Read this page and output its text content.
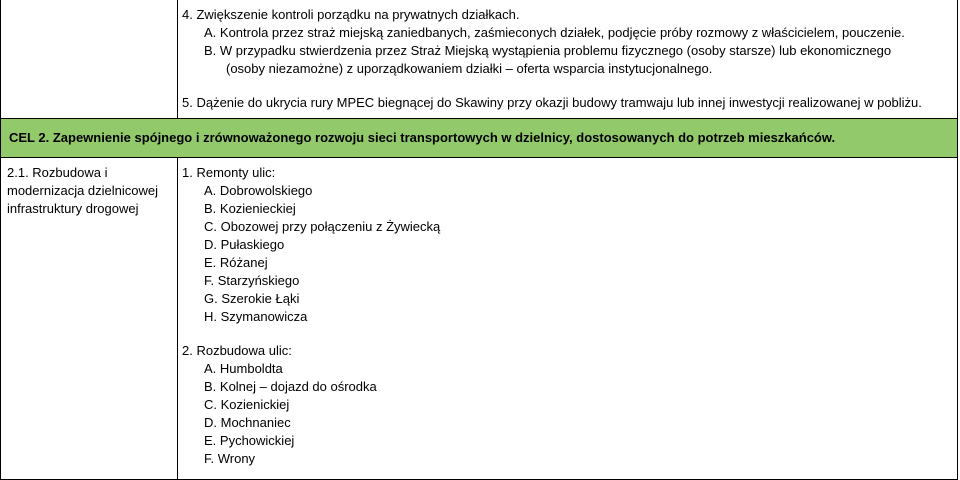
4. Zwiększenie kontroli porządku na prywatnych działkach.
A. Kontrola przez straż miejską zaniedbanych, zaśmieconych działek, podjęcie próby rozmowy z właścicielem, pouczenie.
B. W przypadku stwierdzenia przez Straż Miejską wystąpienia problemu fizycznego (osoby starsze) lub ekonomicznego
(osoby niezamożne) z uporządkowaniem działki – oferta wsparcia instytucjonalnego.
5. Dążenie do ukrycia rury MPEC biegnącej do Skawiny przy okazji budowy tramwaju lub innej inwestycji realizowanej w pobliżu.
CEL 2. Zapewnienie spójnego i zrównoważonego rozwoju sieci transportowych w dzielnicy, dostosowanych do potrzeb mieszkańców.
2.1. Rozbudowa i
modernizacja dzielnicowej
infrastruktury drogowej
1. Remonty ulic:
A. Dobrowolskiego
B. Kozienieckiej
C. Obozowej przy połączeniu z Żywiecką
D. Pułaskiego
E. Różanej
F. Starzyńskiego
G. Szerokie Łąki
H. Szymanowicza
2. Rozbudowa ulic:
A. Humboldta
B. Kolnej – dojazd do ośrodka
C. Kozienickiej
D. Mochnaniec
E. Pychowickiej
F. Wrony
